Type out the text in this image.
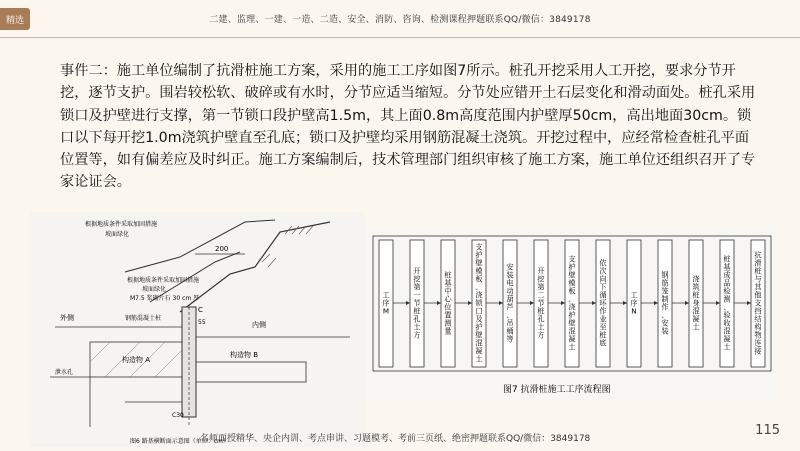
精选	二建、监理、一建、一造、二造、安全、消防、咨询、检测课程押题联系QQ/微信：3849178

事件二：施工单位编制了抗滑桩施工方案，采用的施工工序如图7所示。桩孔开挖采用人工开挖，要求分节开挖，逐节支护。围岩较松软、破碎或有水时，分节应适当缩短。分节处应错开土石层变化和滑动面处。桩孔采用锁口及护壁进行支撑，第一节锁口段护壁高1.5m，其上面0.8m高度范围内护壁厚50cm，高出地面30cm。锁口以下每开挖1.0m浇筑护壁直至孔底；锁口及护壁均采用钢筋混凝土浇筑。开挖过程中，应经常检查桩孔平面位置等，如有偏差应及时纠正。施工方案编制后，技术管理部门组织审核了施工方案，施工单位还组织召开了专家论证会。

200
根据地质条件采取加固措施
坡面绿化
根据地质条件采取加固措施
坡面绿化
M7.5 浆砌片石 30 cm 厚
C
55
外侧
内侧
钢筋混凝土桩
构造物 A
构造物 B
泄水孔
C30
图6 路基横断面示意图（单位：cm）
工序 M
开挖第一节桩孔土方
桩基中心位置测量
支护壁模板、浇锁口及护壁混凝土
安装电动葫芦、吊桶等
开挖第二节桩孔土方
支护壁模板、浇护壁混凝土
依次向下循环作业至桩底
工序 N
钢筋笼制作、安装
浇筑桩身混凝土
桩基成品检测、验收混凝土
抗滑桩与其他支挡结构物连接
图7 抗滑桩施工工序流程图
名师面授精华、央企内训、考点串讲、习题模考、考前三页纸、绝密押题联系QQ/微信：3849178
115
